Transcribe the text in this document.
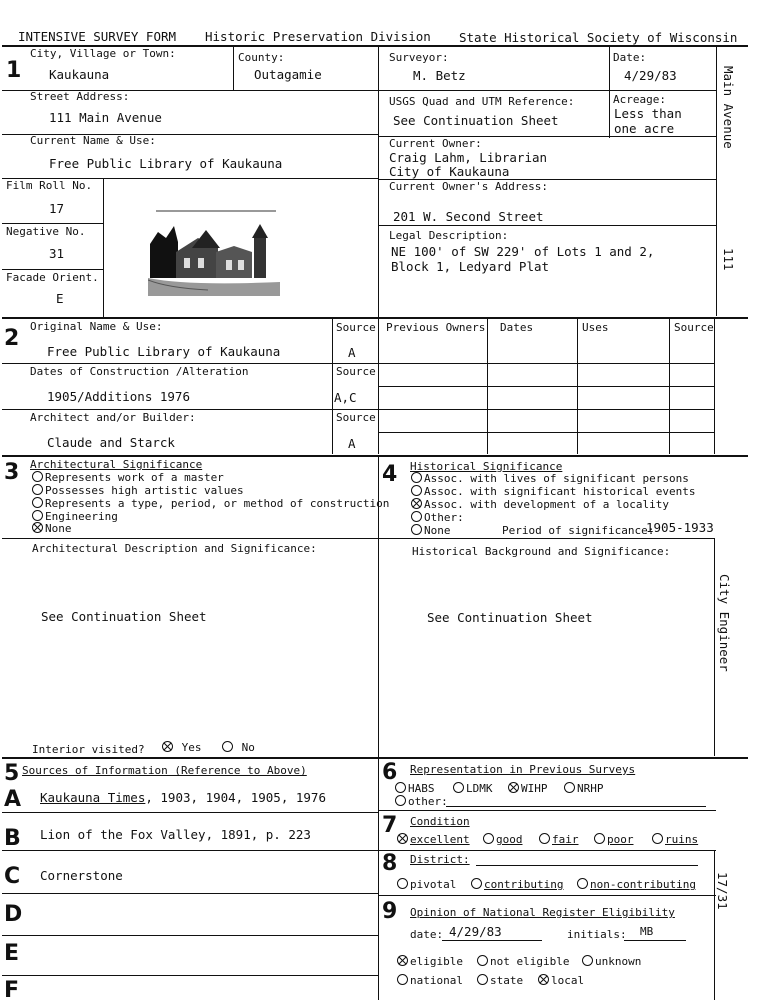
INTENSIVE SURVEY FORM Historic Preservation Division State Historical Society of Wisconsin
1
City, Village or Town:
Kaukauna
County:
Outagamie
Surveyor:
M. Betz
Date:
4/29/83
Street Address:
111 Main Avenue
USGS Quad and UTM Reference:
See Continuation Sheet
Acreage:
Less than
one acre
Current Name & Use:
Free Public Library of Kaukauna
Current Owner:
Craig Lahm, Librarian
City of Kaukauna
Film Roll No.
17
Current Owner's Address:
201 W. Second Street
Negative No.
31
Legal Description:
NE 100' of SW 229' of Lots 1 and 2,
Block 1, Ledyard Plat
Facade Orient.
E
Main Avenue
111
City Engineer
17/31
2 Original Name & Use:
Free Public Library of Kaukauna
Source
A
Dates of Construction /Alteration
1905/Additions 1976
Source
A,C
Architect and/or Builder:
Claude and Starck
Source
A
Previous Owners Dates	Uses	Source
3 Architectural Significance
Represents work of a master
Possesses high artistic values
Represents a type, period, or method of construction
Engineering
None
Architectural Description and Significance:
See Continuation Sheet
Interior visited?	Yes	No
4 Historical Significance
Assoc. with lives of significant persons
Assoc. with significant historical events
Assoc. with development of a locality
Other:
None	Period of significance:
1905-1933
Historical Background and Significance:
See Continuation Sheet
5 Sources of Information (Reference to Above)
A Kaukauna Times, 1903, 1904, 1905, 1976
B Lion of the Fox Valley, 1891, p. 223
C Cornerstone
D
E
F
6 Representation in Previous Surveys
HABS	LDMK	WIHP	NRHP
other:
7 Condition
excellent	good	fair	poor	ruins
8 District:
pivotal	contributing	non-contributing
9 Opinion of National Register Eligibility
date: 4/29/83	initials: MB
eligible	not eligible	unknown
national	state	local
